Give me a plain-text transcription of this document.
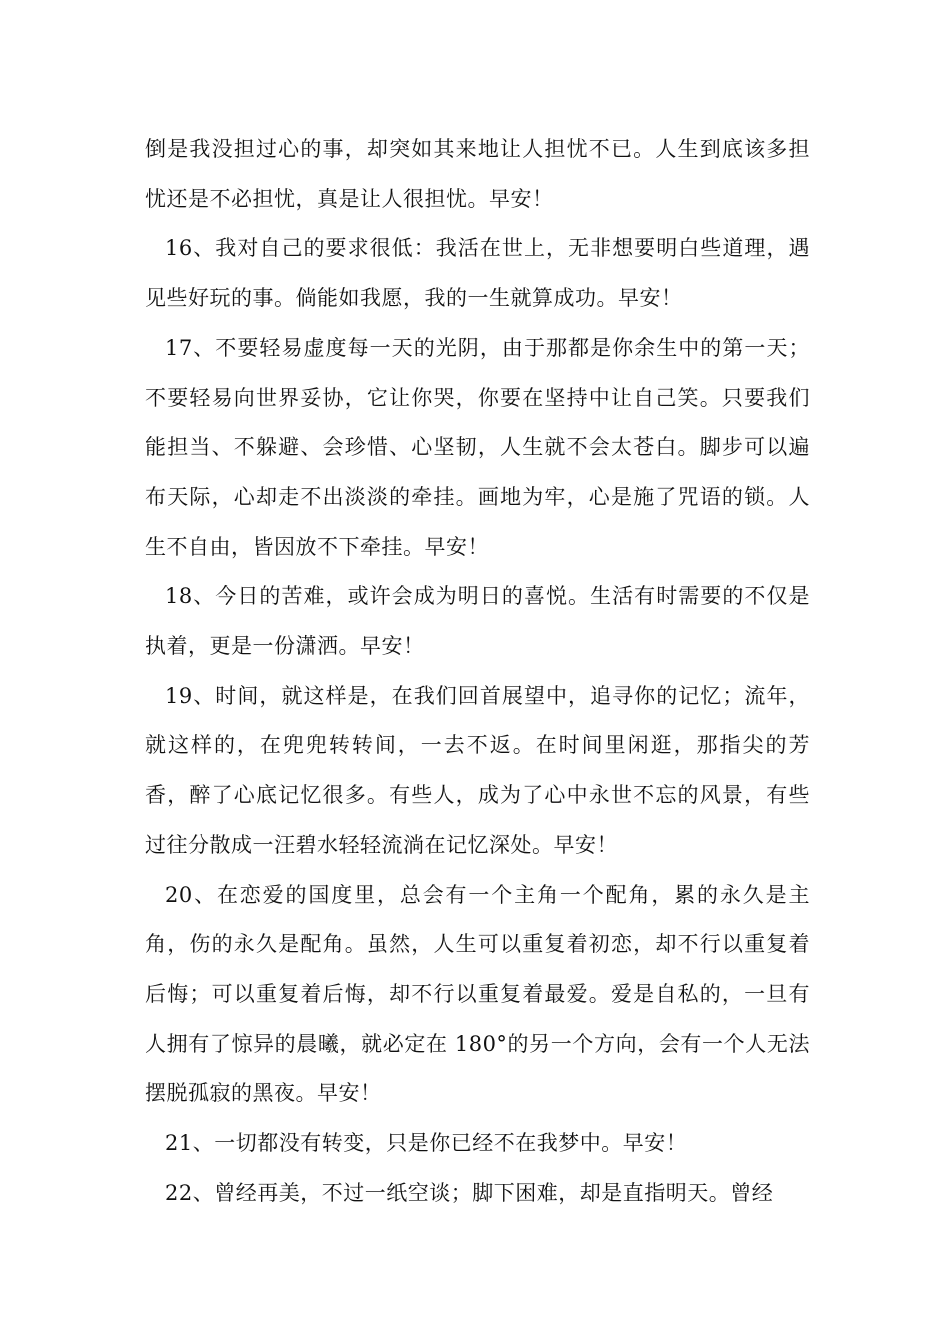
倒是我没担过心的事，却突如其来地让人担忧不已。人生到底该多担忧还是不必担忧，真是让人很担忧。早安！

16、我对自己的要求很低：我活在世上，无非想要明白些道理，遇见些好玩的事。倘能如我愿，我的一生就算成功。早安！

17、不要轻易虚度每一天的光阴，由于那都是你余生中的第一天；不要轻易向世界妥协，它让你哭，你要在坚持中让自己笑。只要我们能担当、不躲避、会珍惜、心坚韧，人生就不会太苍白。脚步可以遍布天际，心却走不出淡淡的牵挂。画地为牢，心是施了咒语的锁。人生不自由，皆因放不下牵挂。早安！

18、今日的苦难，或许会成为明日的喜悦。生活有时需要的不仅是执着，更是一份潇洒。早安！

19、时间，就这样是，在我们回首展望中，追寻你的记忆；流年，就这样的，在兜兜转转间，一去不返。在时间里闲逛，那指尖的芳香，醉了心底记忆很多。有些人，成为了心中永世不忘的风景，有些过往分散成一汪碧水轻轻流淌在记忆深处。早安！

20、在恋爱的国度里，总会有一个主角一个配角，累的永久是主角，伤的永久是配角。虽然，人生可以重复着初恋，却不行以重复着后悔；可以重复着后悔，却不行以重复着最爱。爱是自私的，一旦有人拥有了惊异的晨曦，就必定在 180°的另一个方向，会有一个人无法摆脱孤寂的黑夜。早安！

21、一切都没有转变，只是你已经不在我梦中。早安！

22、曾经再美，不过一纸空谈；脚下困难，却是直指明天。曾经
